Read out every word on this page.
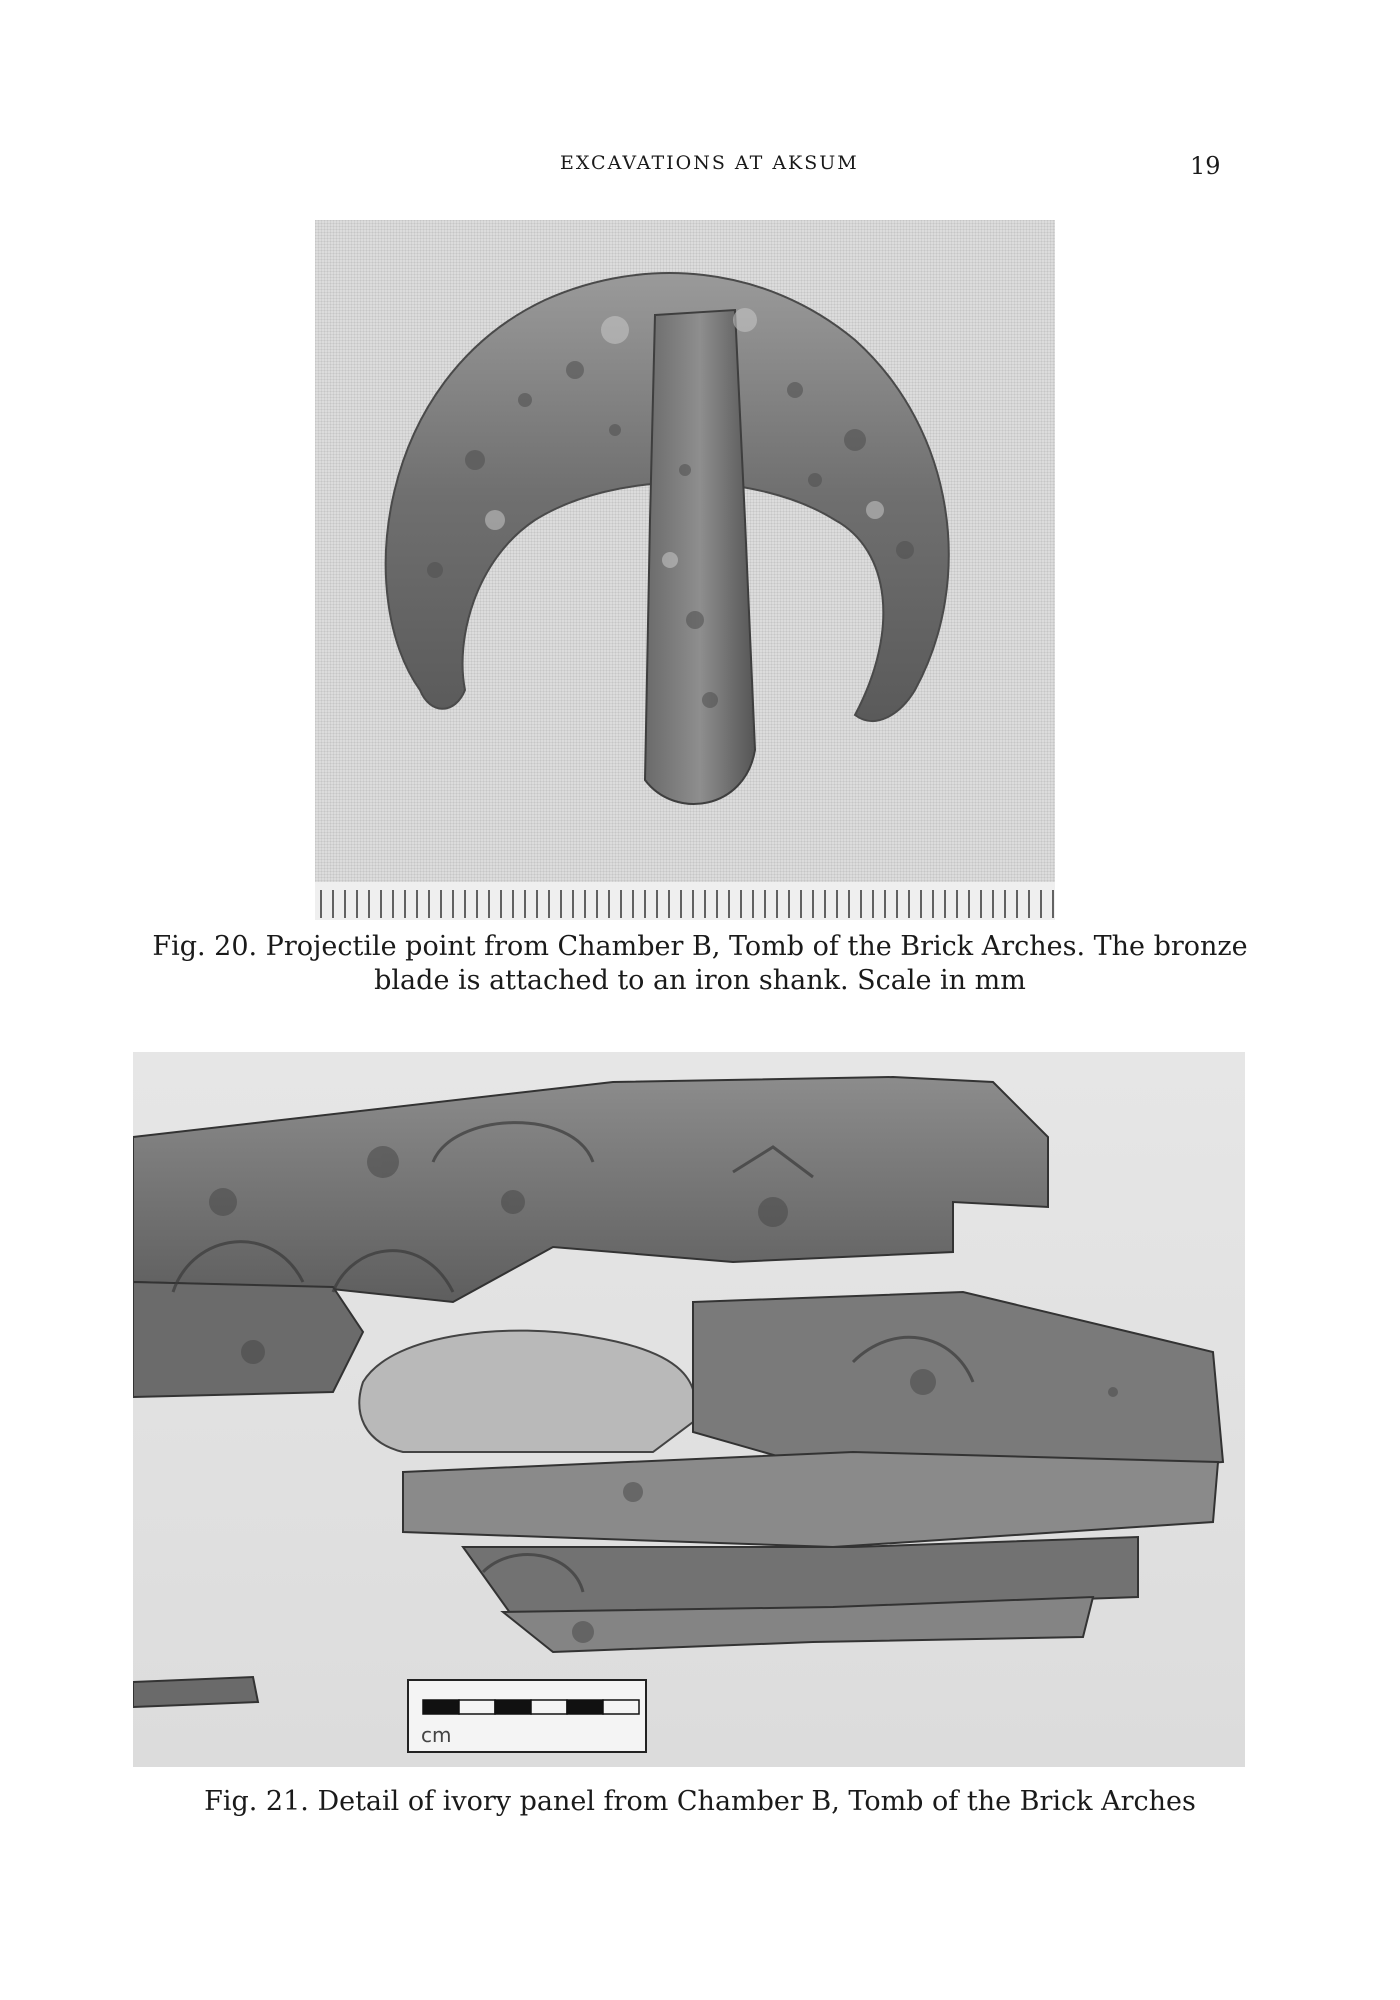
EXCAVATIONS AT AKSUM	19
Fig. 20. Projectile point from Chamber B, Tomb of the Brick Arches. The bronze blade is attached to an iron shank. Scale in mm
cm
Fig. 21. Detail of ivory panel from Chamber B, Tomb of the Brick Arches
